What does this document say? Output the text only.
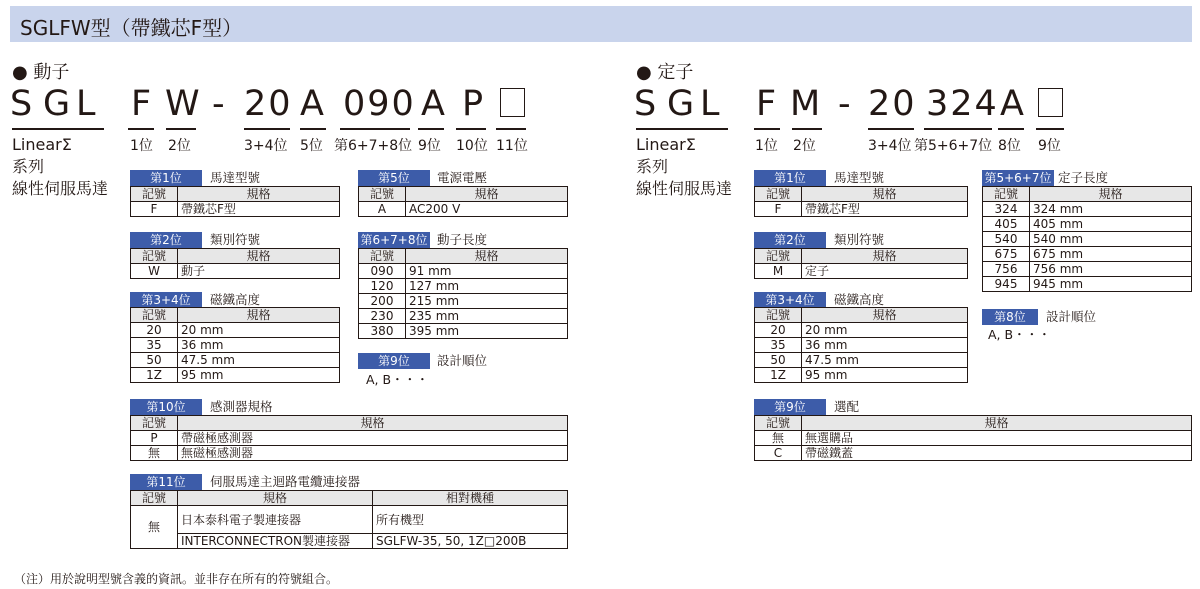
SGLFW型（帶鐵芯F型）
● 動子
S G L F W - 20 A 090 A P
LinearΣ
系列
線性伺服馬達
1位 2位	3+4位 5位 第6+7+8位 9位 10位 11位
第1位	馬達型號
記號	規格
F	帶鐵芯F型
第2位	類別符號
記號	規格
W	動子
第3+4位	磁鐵高度
記號	規格
20	20 mm
35	36 mm
50	47.5 mm
1Z	95 mm
第5位	電源電壓
記號	規格
A	AC200 V
第6+7+8位 動子長度
記號	規格
090	91 mm
120	127 mm
200	215 mm
230	235 mm
380	395 mm
第9位	設計順位
A, B・・・
第10位	感測器規格
記號	規格
P	帶磁極感測器
無	無磁極感測器
第11位	伺服馬達主迴路電纜連接器
記號	規格	相對機種
無	日本泰科電子製連接器	所有機型
	INTERCONNECTRON製連接器	SGLFW-35, 50, 1Z□200B
● 定子
S G L F M - 20 324 A
LinearΣ
系列
線性伺服馬達
1位 2位	3+4位 第5+6+7位 8位 9位
第1位	馬達型號
記號	規格
F	帶鐵芯F型
第2位	類別符號
記號	規格
M	定子
第3+4位	磁鐵高度
記號	規格
20	20 mm
35	36 mm
50	47.5 mm
1Z	95 mm
第5+6+7位 定子長度
記號	規格
324	324 mm
405	405 mm
540	540 mm
675	675 mm
756	756 mm
945	945 mm
第8位	設計順位
A, B・・・
第9位	選配
記號	規格
無	無選購品
C	帶磁鐵蓋
（注）用於說明型號含義的資訊。並非存在所有的符號組合。
